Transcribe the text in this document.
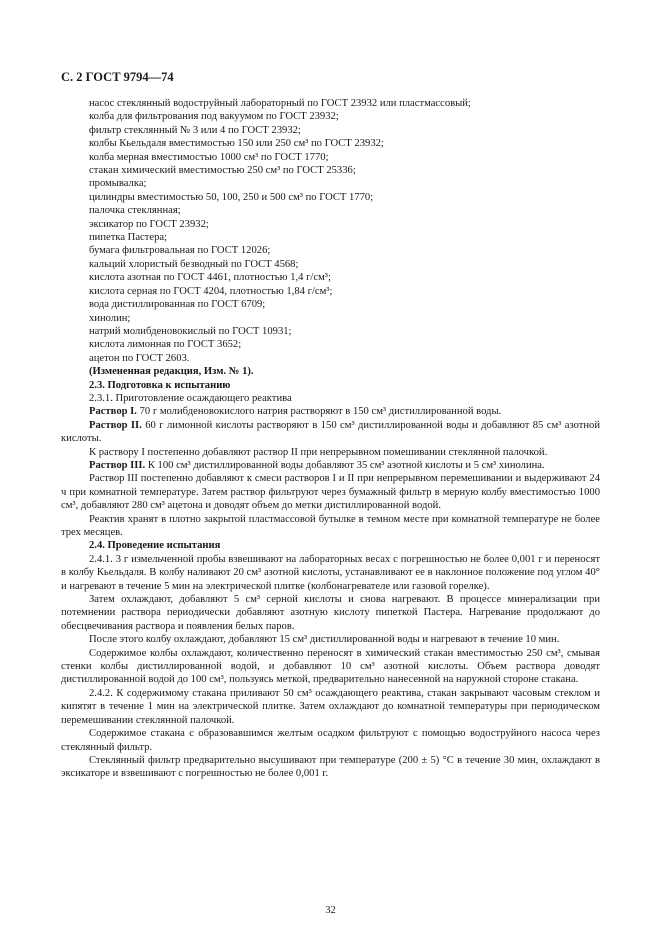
С. 2 ГОСТ 9794—74
насос стеклянный водоструйный лабораторный по ГОСТ 23932 или пластмассовый;
колба для фильтрования под вакуумом по ГОСТ 23932;
фильтр стеклянный № 3 или 4 по ГОСТ 23932;
колбы Кьельдаля вместимостью 150 или 250 см³ по ГОСТ 23932;
колба мерная вместимостью 1000 см³ по ГОСТ 1770;
стакан химический вместимостью 250 см³ по ГОСТ 25336;
промывалка;
цилиндры вместимостью 50, 100, 250 и 500 см³ по ГОСТ 1770;
палочка стеклянная;
эксикатор по ГОСТ 23932;
пипетка Пастера;
бумага фильтровальная по ГОСТ 12026;
кальций хлористый безводный по ГОСТ 4568;
кислота азотная по ГОСТ 4461, плотностью 1,4 г/см³;
кислота серная по ГОСТ 4204, плотностью 1,84 г/см³;
вода дистиллированная по ГОСТ 6709;
хинолин;
натрий молибденовокислый по ГОСТ 10931;
кислота лимонная по ГОСТ 3652;
ацетон по ГОСТ 2603.

(Измененная редакция, Изм. № 1).

2.3. Подготовка к испытанию

2.3.1. Приготовление осаждающего реактива

Раствор I. 70 г молибденовокислого натрия растворяют в 150 см³ дистиллированной воды.

Раствор II. 60 г лимонной кислоты растворяют в 150 см³ дистиллированной воды и добавляют 85 см³ азотной кислоты.

К раствору I постепенно добавляют раствор II при непрерывном помешивании стеклянной палочкой.

Раствор III. К 100 см³ дистиллированной воды добавляют 35 см³ азотной кислоты и 5 см³ хинолина.

Раствор III постепенно добавляют к смеси растворов I и II при непрерывном перемешивании и выдерживают 24 ч при комнатной температуре. Затем раствор фильтруют через бумажный фильтр в мерную колбу вместимостью 1000 см³, добавляют 280 см³ ацетона и доводят объем до метки дистиллированной водой.

Реактив хранят в плотно закрытой пластмассовой бутылке в темном месте при комнатной температуре не более трех месяцев.

2.4. Проведение испытания

2.4.1. 3 г измельченной пробы взвешивают на лабораторных весах с погрешностью не более 0,001 г и переносят в колбу Кьельдаля. В колбу наливают 20 см³ азотной кислоты, устанавливают ее в наклонное положение под углом 40° и нагревают в течение 5 мин на электрической плитке (колбонагревателе или газовой горелке).

Затем охлаждают, добавляют 5 см³ серной кислоты и снова нагревают. В процессе минерализации при потемнении раствора периодически добавляют азотную кислоту пипеткой Пастера. Нагревание продолжают до обесцвечивания раствора и появления белых паров.

После этого колбу охлаждают, добавляют 15 см³ дистиллированной воды и нагревают в течение 10 мин.

Содержимое колбы охлаждают, количественно переносят в химический стакан вместимостью 250 см³, смывая стенки колбы дистиллированной водой, и добавляют 10 см³ азотной кислоты. Объем раствора доводят дистиллированной водой до 100 см³, пользуясь меткой, предварительно нанесенной на наружной стороне стакана.

2.4.2. К содержимому стакана приливают 50 см³ осаждающего реактива, стакан закрывают часовым стеклом и кипятят в течение 1 мин на электрической плитке. Затем охлаждают до комнатной температуры при периодическом перемешивании стеклянной палочкой.

Содержимое стакана с образовавшимся желтым осадком фильтруют с помощью водоструйного насоса через стеклянный фильтр.

Стеклянный фильтр предварительно высушивают при температуре (200 ± 5) °С в течение 30 мин, охлаждают в эксикаторе и взвешивают с погрешностью не более 0,001 г.

32
